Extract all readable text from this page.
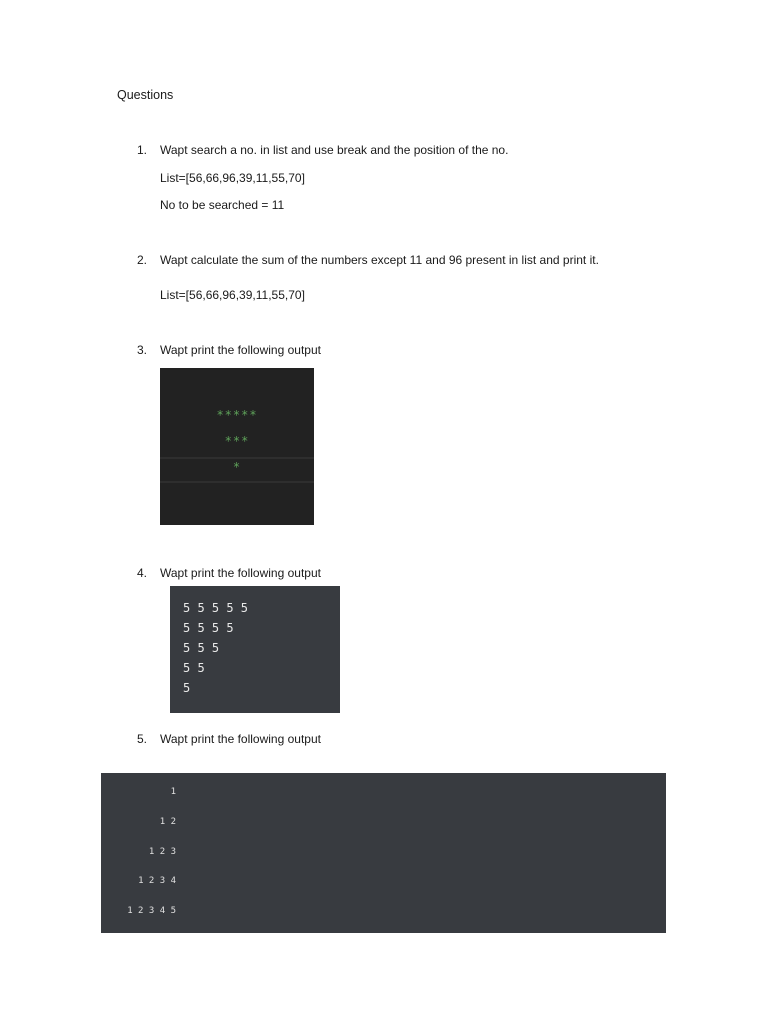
Questions
1.	Wapt search a no. in list and use break and the position of the no.
List=[56,66,96,39,11,55,70]
No to be searched = 11
2.	Wapt calculate the sum of the numbers except 11 and 96 present in list and print it.
List=[56,66,96,39,11,55,70]
3.	Wapt print the following output
*****
***
*
4.	Wapt print the following output
5 5 5 5 5
5 5 5 5
5 5 5
5 5
5
5.	Wapt print the following output
1
1 2
1 2 3
1 2 3 4
1 2 3 4 5
